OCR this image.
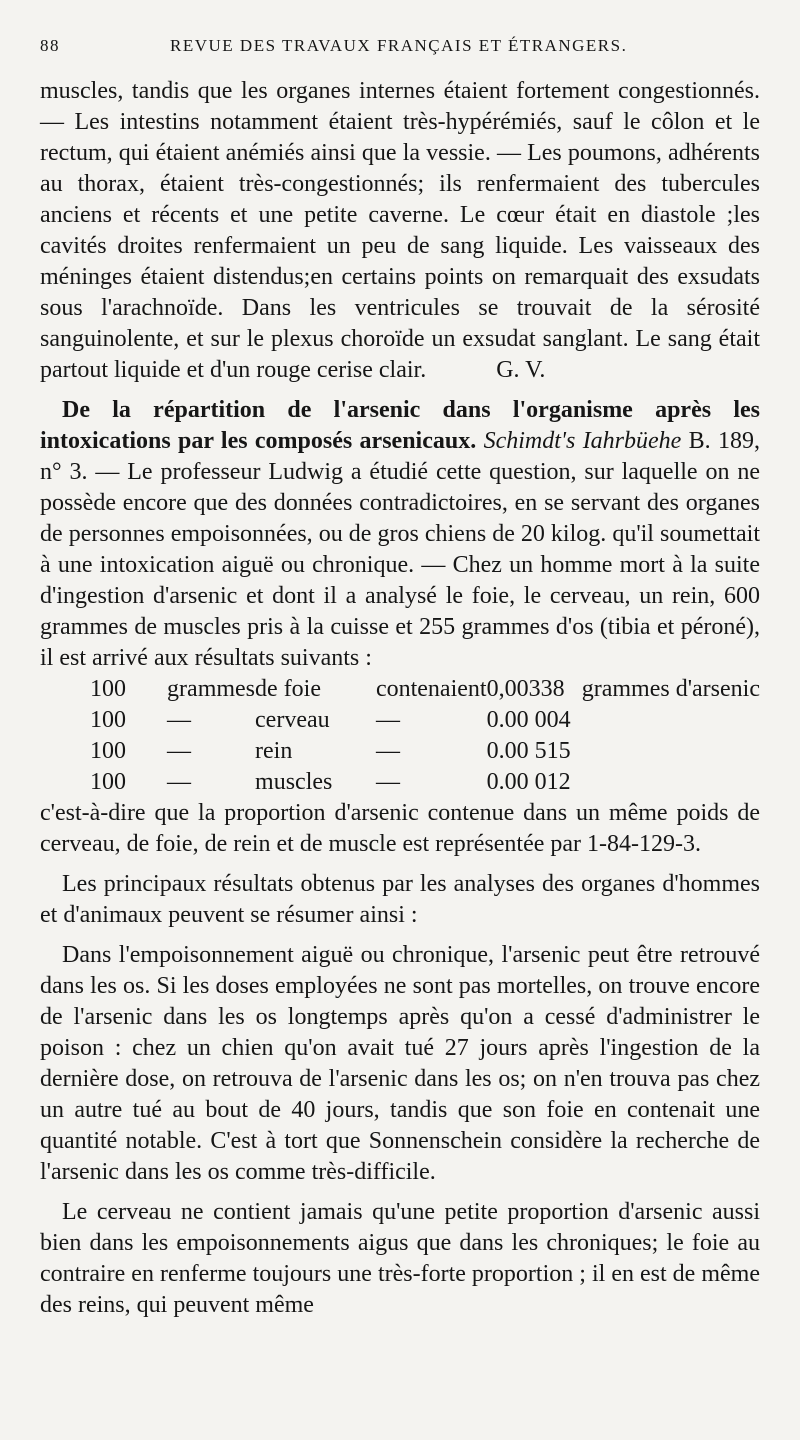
88	REVUE DES TRAVAUX FRANÇAIS ET ÉTRANGERS.

muscles, tandis que les organes internes étaient fortement congestionnés.— Les intestins notamment étaient très-hypérémiés, sauf le côlon et le rectum, qui étaient anémiés ainsi que la vessie. — Les poumons, adhérents au thorax, étaient très-congestionnés; ils renfermaient des tubercules anciens et récents et une petite caverne. Le cœur était en diastole ;les cavités droites renfermaient un peu de sang liquide. Les vaisseaux des méninges étaient distendus;en certains points on remarquait des exsudats sous l'arachnoïde. Dans les ventricules se trouvait de la sérosité sanguinolente, et sur le plexus choroïde un exsudat sanglant. Le sang était partout liquide et d'un rouge cerise clair.	G. V.

De la répartition de l'arsenic dans l'organisme après les intoxications par les composés arsenicaux. Schimdt's Iahrbüehe B. 189, n° 3. — Le professeur Ludwig a étudié cette question, sur laquelle on ne possède encore que des données contradictoires, en se servant des organes de personnes empoisonnées, ou de gros chiens de 20 kilog. qu'il soumettait à une intoxication aiguë ou chronique. — Chez un homme mort à la suite d'ingestion d'arsenic et dont il a analysé le foie, le cerveau, un rein, 600 grammes de muscles pris à la cuisse et 255 grammes d'os (tibia et péroné), il est arrivé aux résultats suivants :

100	grammes	de foie	contenaient	0,00338	grammes d'arsenic
100	—	cerveau	—	0.00 004	
100	—	rein	—	0.00 515	
100	—	muscles	—	0.00 012	

c'est-à-dire que la proportion d'arsenic contenue dans un même poids de cerveau, de foie, de rein et de muscle est représentée par 1-84-129-3.

Les principaux résultats obtenus par les analyses des organes d'hommes et d'animaux peuvent se résumer ainsi :

Dans l'empoisonnement aiguë ou chronique, l'arsenic peut être retrouvé dans les os. Si les doses employées ne sont pas mortelles, on trouve encore de l'arsenic dans les os longtemps après qu'on a cessé d'administrer le poison : chez un chien qu'on avait tué 27 jours après l'ingestion de la dernière dose, on retrouva de l'arsenic dans les os; on n'en trouva pas chez un autre tué au bout de 40 jours, tandis que son foie en contenait une quantité notable. C'est à tort que Sonnenschein considère la recherche de l'arsenic dans les os comme très-difficile.

Le cerveau ne contient jamais qu'une petite proportion d'arsenic aussi bien dans les empoisonnements aigus que dans les chroniques; le foie au contraire en renferme toujours une très-forte proportion ; il en est de même des reins, qui peuvent même
